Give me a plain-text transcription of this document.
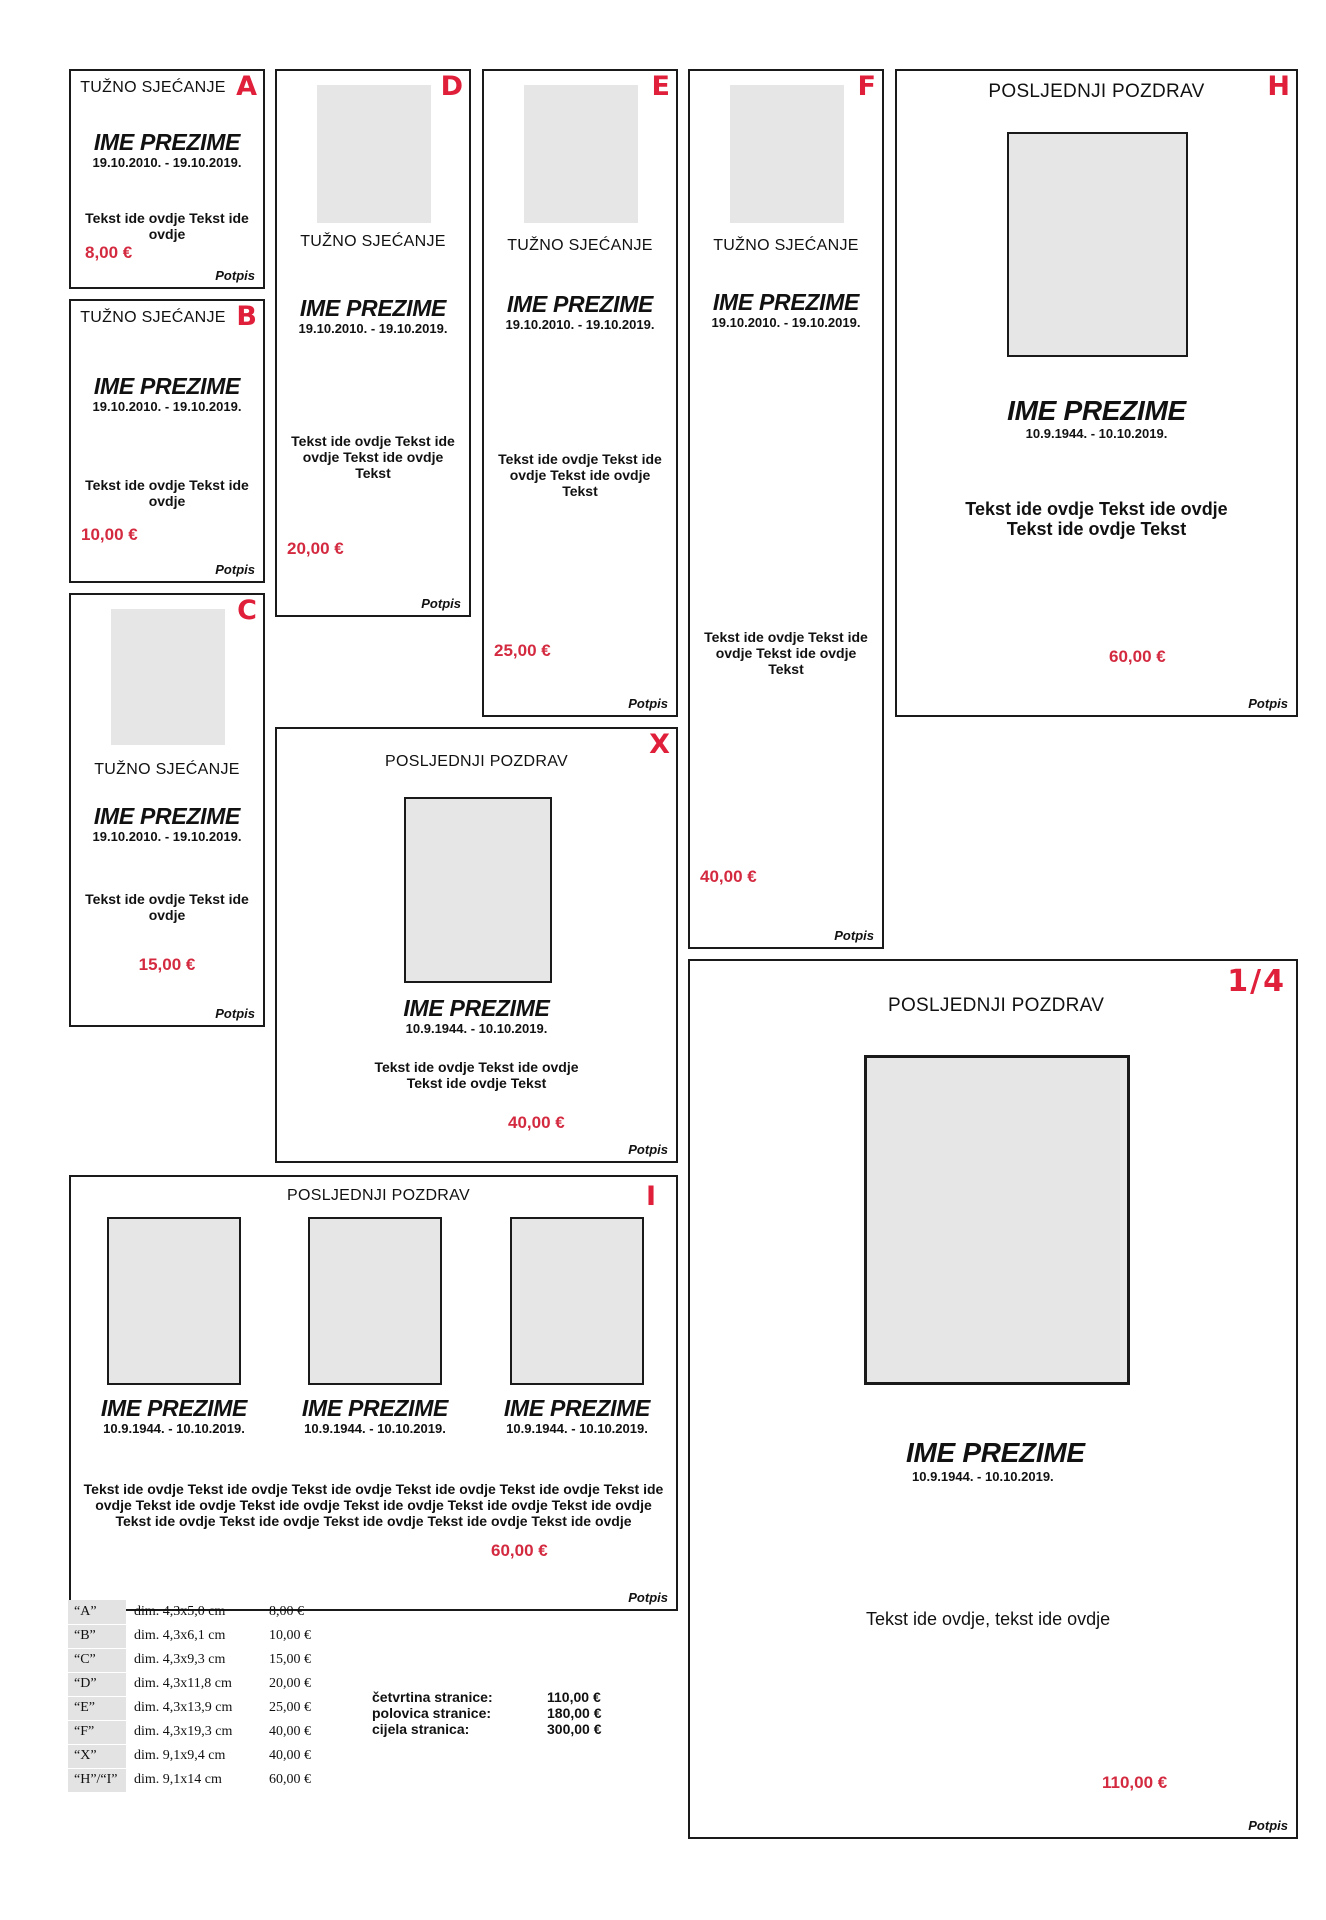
A
TUŽNO SJEĆANJE
IME PREZIME
19.10.2010. - 19.10.2019.
Tekst ide ovdje Tekst ide ovdje
8,00 €
Potpis
B
TUŽNO SJEĆANJE
IME PREZIME
19.10.2010. - 19.10.2019.
Tekst ide ovdje Tekst ide ovdje
10,00 €
Potpis
C
TUŽNO SJEĆANJE
IME PREZIME
19.10.2010. - 19.10.2019.
Tekst ide ovdje Tekst ide ovdje
15,00 €
Potpis
D
TUŽNO SJEĆANJE
IME PREZIME
19.10.2010. - 19.10.2019.
Tekst ide ovdje Tekst ide ovdje Tekst ide ovdje Tekst
20,00 €
Potpis
E
TUŽNO SJEĆANJE
IME PREZIME
19.10.2010. - 19.10.2019.
Tekst ide ovdje Tekst ide ovdje Tekst ide ovdje Tekst
25,00 €
Potpis
F
TUŽNO SJEĆANJE
IME PREZIME
19.10.2010. - 19.10.2019.
Tekst ide ovdje Tekst ide ovdje Tekst ide ovdje Tekst
40,00 €
Potpis
H
POSLJEDNJI POZDRAV
IME PREZIME
10.9.1944. - 10.10.2019.
Tekst ide ovdje Tekst ide ovdje Tekst ide ovdje Tekst
60,00 €
Potpis
X
POSLJEDNJI POZDRAV
IME PREZIME
10.9.1944. - 10.10.2019.
Tekst ide ovdje Tekst ide ovdje Tekst ide ovdje Tekst
40,00 €
Potpis
I
POSLJEDNJI POZDRAV
IME PREZIME
10.9.1944. - 10.10.2019.
IME PREZIME
10.9.1944. - 10.10.2019.
IME PREZIME
10.9.1944. - 10.10.2019.
Tekst ide ovdje Tekst ide ovdje Tekst ide ovdje Tekst ide ovdje Tekst ide ovdje Tekst ide ovdje Tekst ide ovdje Tekst ide ovdje Tekst ide ovdje Tekst ide ovdje Tekst ide ovdje Tekst ide ovdje Tekst ide ovdje Tekst ide ovdje Tekst ide ovdje Tekst ide ovdje
60,00 €
Potpis
1/4
POSLJEDNJI POZDRAV
IME PREZIME
10.9.1944. - 10.10.2019.
Tekst ide ovdje, tekst ide ovdje
110,00 €
Potpis
“A”	dim. 4,3x5,0 cm	8,00 €
“B”	dim. 4,3x6,1 cm	10,00 €
“C”	dim. 4,3x9,3 cm	15,00 €
“D”	dim. 4,3x11,8 cm	20,00 €
“E”	dim. 4,3x13,9 cm	25,00 €
“F”	dim. 4,3x19,3 cm	40,00 €
“X”	dim. 9,1x9,4 cm	40,00 €
“H”/“I”	dim. 9,1x14 cm	60,00 €
četvrtina stranice:	110,00 €
polovica stranice:	180,00 €
cijela stranica:	300,00 €
